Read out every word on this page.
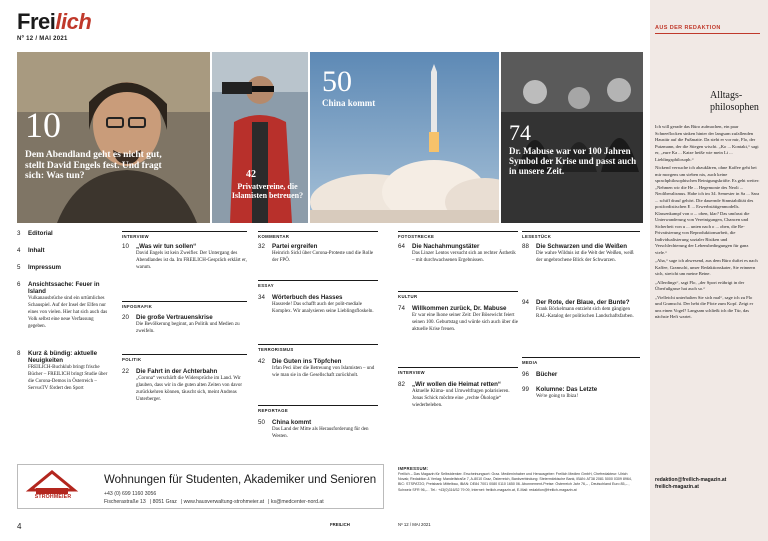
Freilich
Nº 12 / MAI 2021
10
Dem Abendland geht es nicht gut, stellt David Engels fest. Und fragt sich: Was tun?	42
Privatvereine, die Islamisten betreuen?
50
China kommt
74
Dr. Mabuse war vor 100 Jahren Symbol der Krise und passt auch in unsere Zeit.
AUS DER REDAKTION
Alltags-philosophen

Ich will gerade das Büro aufmachen, ein paar Schneeflocken sinken hinter der langsam zufallenden Haustür auf die Fußmatte. Da steht er vor mir, Flo, der Putzmann, der die Stiegen wischt. „Ko ... Kontakt,“ sagt er, „eure Ka ... Katze heiße wie mein Li ... Lieblingsphilosoph.“

Nickend versuche ich abzuklären, ohne Kaffee geht bei mir morgens um sieben nix, auch keine sprachphilosophischen Reinigungskräfte. Es geht weiter: „Nehmen wir die He ... Hegemonie des Neoli ... Neoliberalismus. Habe ich im 34. Semester in Sa ... Sara ... schiff drauf gehört. Die dauernde Sinnstabilität des postfordistischen E ... Erwerbstätigenmodells. Klassenkampf von o ... oben, klar? Das umfasst die Unterwanderung von Vereinigungen, Chancen und Sicherheit von u ... unten nach o ... oben, die Re-Privatisierung von Reproduktionsarbeit, die Individualisierung sozialer Risiken und Verschlechterung der Lebensbedingungen für ganz viele.“

„Aha,“ sage ich abwesend, aus dem Büro duftet es nach Kaffee, Gramschi, unser Redaktionskater, Sie erinnern sich, streicht um meine Beine.

„Allerdings“, sagt Flo, „der Sport erübrigt in der Überfußgasse hat auch so.“

„Vielleicht unterhalten Sie sich mal“, sage ich zu Flo und Gramschi. Der hebt die Pfote zum Kopf. Zeigt er uns einen Vogel? Langsam schließt ich die Tür, das nächste Heft wartet.

redaktion@freilich-magazin.at
freilich-magazin.at
3	Editorial
4	Inhalt
5	Impressum
6	Ansichtssache: Feuer in Island
Vulkanausbrüche sind ein urtümliches Schauspiel. Auf der Insel der Elfen nur eines von vielen. Hier hat sich auch das Volk selbst eine neue Verfassung gegeben.
8	Kurz & bündig: aktuelle Neuigkeiten
FREILICH-Buchklub bringt frische Bücher – FREILICH bringt Studie über die Corona-Demos in Österreich – ServusTV fördert den Sport
INTERVIEW
10	„Was wir tun sollen“
David Engels ist kein Zweifler. Der Untergang des Abendlandes ist da. Im FREILICH-Gespräch erklärt er, warum.
INFOGRAFIK
20	Die große Vertrauenskrise
Die Bevölkerung beginnt, an Politik und Medien zu zweifeln.
POLITIK
22	Die Fahrt in der Achterbahn
„Corona“ verschärft die Widersprüche im Land. Wir glauben, dass wir in die guten alten Zeiten von davor zurückkehren können, täuscht sich, meint Andreas Unterberger.
KOMMENTAR
32	Partei ergreifen
Heinrich Sickl über Corona-Proteste und die Rolle der FPÖ.
ESSAY
34	Wörterbuch des Hasses
Hassrede! Das schafft auch der polit-mediale Komplex. Wir analysieren seine Lieblingsfloskeln.
TERRORISMUS
42	Die Guten ins Töpfchen
Irfan Peci über die Betreuung von Islamisten – und wie man sie in die Gesellschaft zurückholt.
REPORTAGE
50	China kommt
Das Land der Mitte als Herausforderung für den Westen.
FOTOSTRECKE
64	Die Nachahmungstäter
Das Linzer Lentos versucht sich an rechter Ästhetik – mit durchwachsenen Ergebnissen.
KULTUR
74	Willkommen zurück, Dr. Mabuse
Er war eine Ikone seiner Zeit: Der Bösewicht feiert seinen 100. Geburtstag und würde sich auch über die aktuelle Krise freuen.
INTERVIEW
82	„Wir wollen die Heimat retten“
Aktuelle Klima- und Umweltfragen polarisieren. Jonas Schick möchte eine „rechte Ökologie“ wiederbeleben.
LESESTÜCK
88	Die Schwarzen und die Weißen
Die wahre Wildnis ist die Welt der Weißen, weiß der ungebrochene Blick der Schwarzen.
94	Der Rote, der Blaue, der Bunte?
Frank Böckelmann entzieht sich dem gängigen RAL-Katalog der politischen Landschaftsfarben.
MEDIA
96	Bücher
99	Kolumne: Das Letzte
We're going to Ibiza!
STROHMEIER
Wohnungen für Studenten, Akademiker und Senioren
+43 (0) 699 1160 3056
Fischerastraße 13 | 8051 Graz | www.hausverwaltung-strohmeier.at | ks@medcenter-nord.at
IMPRESSUM:
Freilich – Das Magazin für Selbstdenker. Erscheinungsort: Graz. Medieninhaber und Herausgeber: Freilich Medien GmbH, Chefredakteur: Ulrich Novak; Redaktion & Verlag: Mandellstraße 7, A-8010 Graz, Österreich, Bankverbindung: Steiermärkische Bank, IBAN: AT38 2081 5000 0309 8964, BIC: STSPAT2G; Preisbank Mittelbau, IBAN: DE84 7001 0080 0110 1650 06. Abonnement-Preise: Österreich Jahr 76,– , Deutschland Euro 85,– , Schweiz SFR 96,– . Tel.: +43(0)316/32 79 09, Internet: freilich-magazin.at, E-Mail: redaktion@freilich-magazin.at
4	FREILICH	Nº 12 / MAI 2021
